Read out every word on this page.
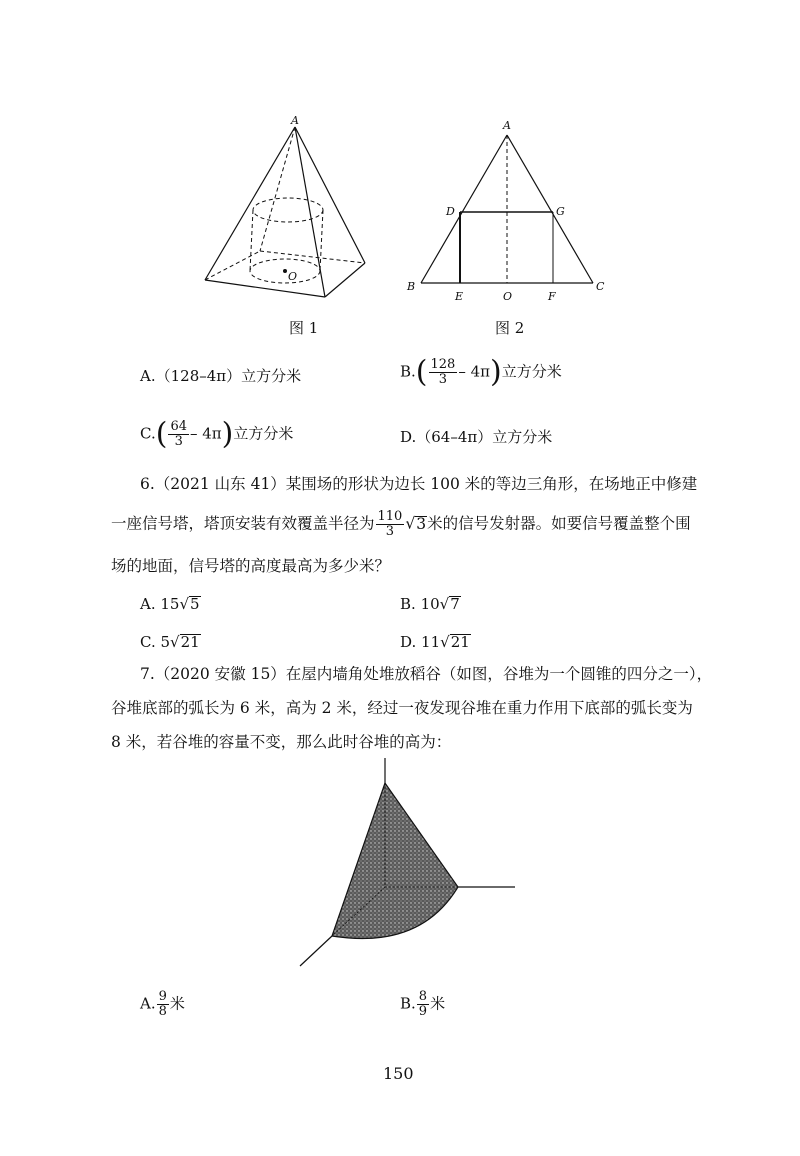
A
O
图 1
A
D	G
B	C
E	O	F
图 2
A.（128–4π）立方分米	$B.( \frac{128}{3} - 4\pi)$立方分米
$C.( \frac{64}{3} - 4\pi)$立方分米	D.（64–4π）立方分米
6.（2021 山东 41）某围场的形状为边长 100 米的等边三角形，在场地正中修建
一座信号塔，塔顶安装有效覆盖半径为 $\frac{110}{3} √3$米的信号发射器。如要信号覆盖整个围
场的地面，信号塔的高度最高为多少米？
A. 15√5	B. 10√7
C. 5√21	D. 11√21
7.（2020 安徽 15）在屋内墙角处堆放稻谷（如图，谷堆为一个圆锥的四分之一），
谷堆底部的弧长为 6 米，高为 2 米，经过一夜发现谷堆在重力作用下底部的弧长变为
8 米，若谷堆的容量不变，那么此时谷堆的高为：
A. $\frac{9}{8}$ 米	B. $\frac{8}{9}$ 米
150
